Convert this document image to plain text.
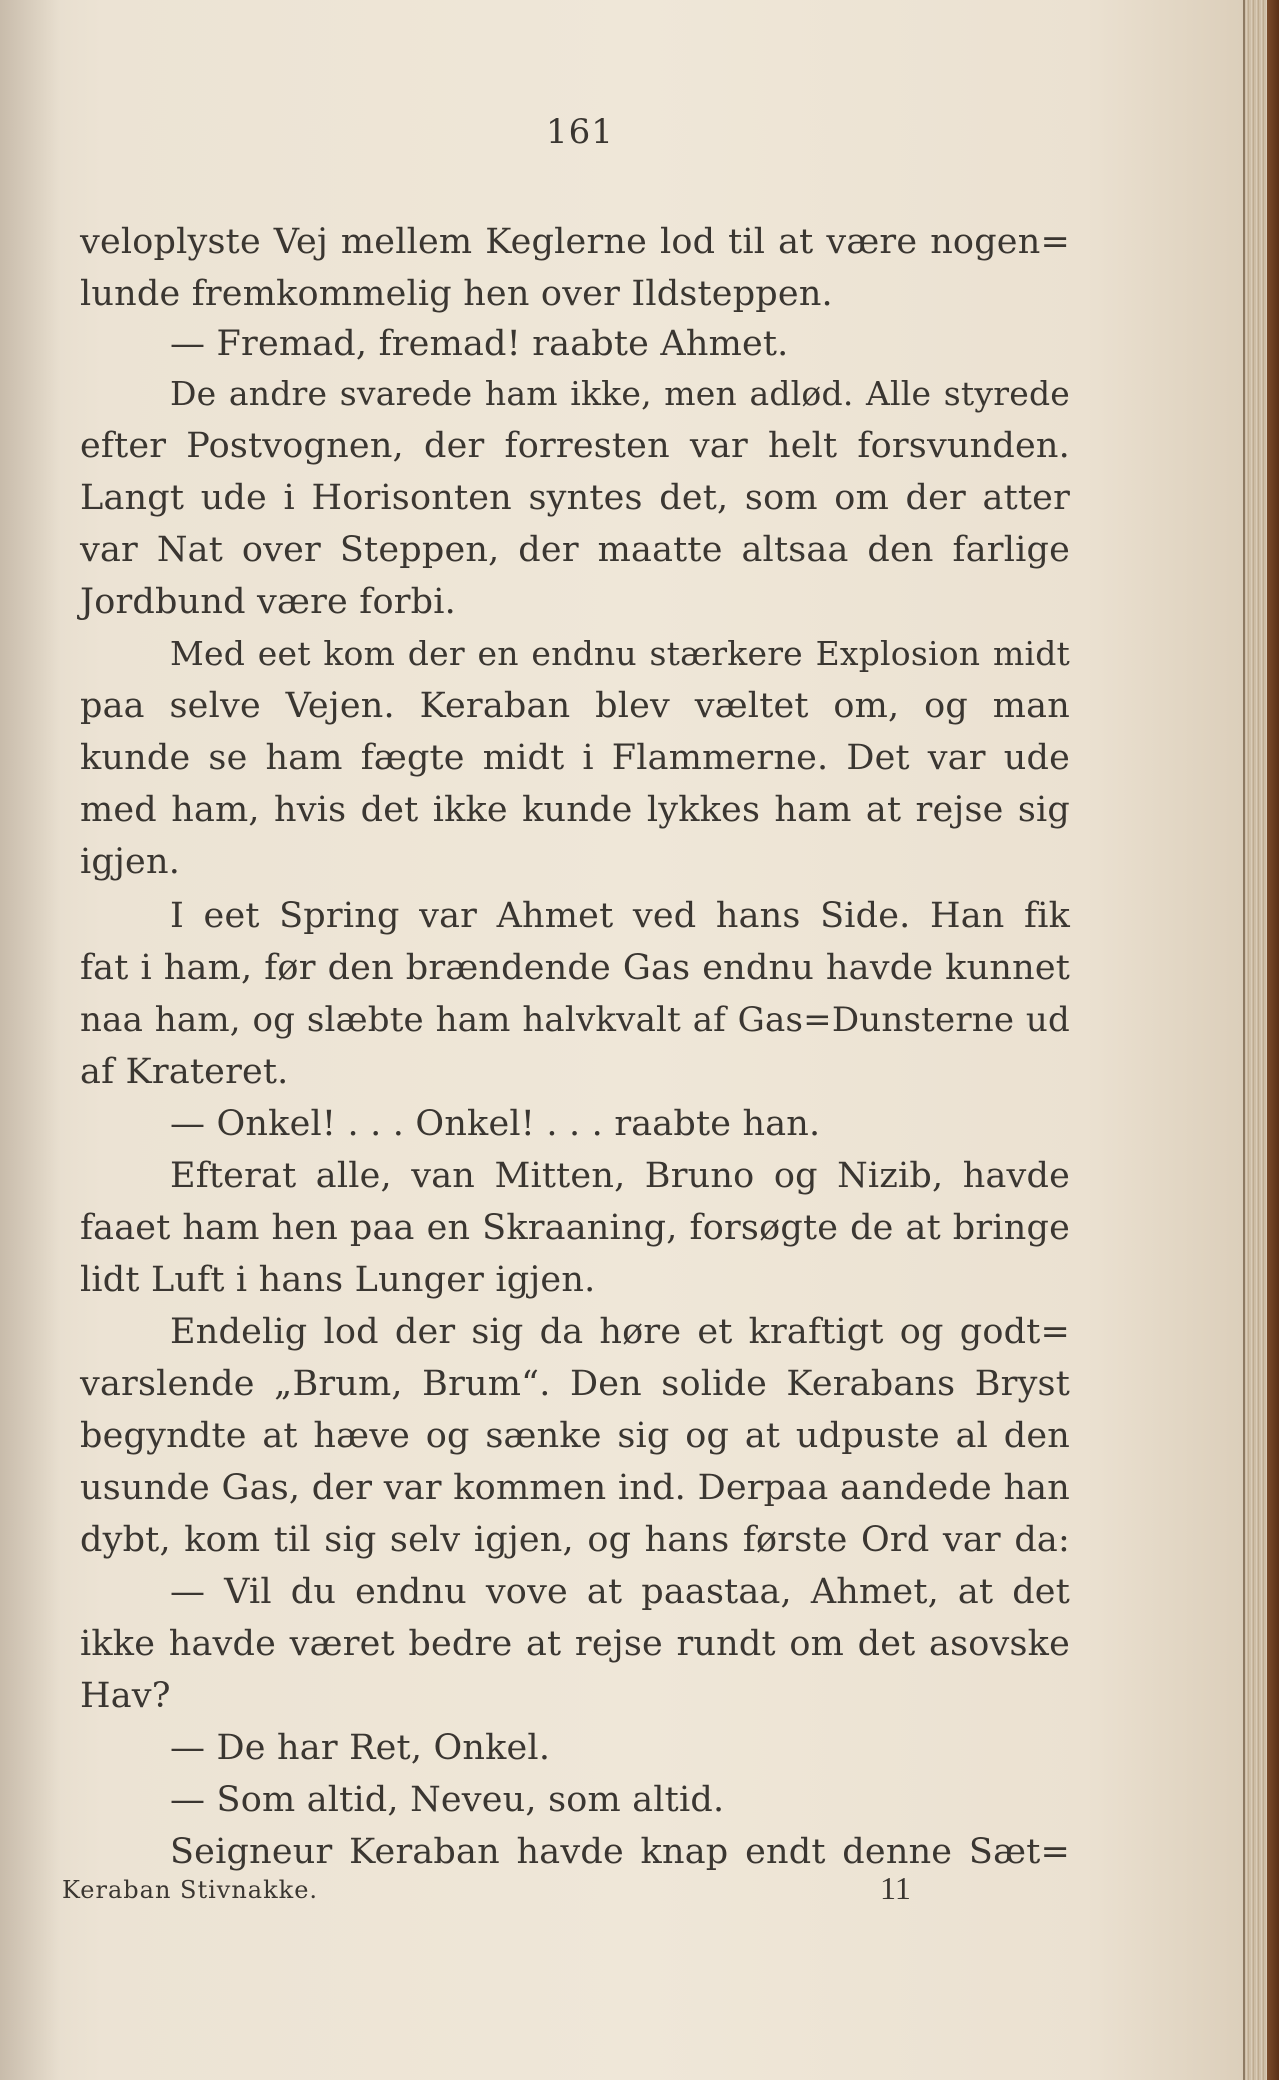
161
veloplyste Vej mellem Keglerne lod til at være nogen=
lunde fremkommelig hen over Ildsteppen.
— Fremad, fremad! raabte Ahmet.
De andre svarede ham ikke, men adlød. Alle styrede
efter Postvognen, der forresten var helt forsvunden.
Langt ude i Horisonten syntes det, som om der atter
var Nat over Steppen, der maatte altsaa den farlige
Jordbund være forbi.
Med eet kom der en endnu stærkere Explosion midt
paa selve Vejen. Keraban blev væltet om, og man
kunde se ham fægte midt i Flammerne. Det var ude
med ham, hvis det ikke kunde lykkes ham at rejse sig
igjen.
I eet Spring var Ahmet ved hans Side. Han fik
fat i ham, før den brændende Gas endnu havde kunnet
naa ham, og slæbte ham halvkvalt af Gas=Dunsterne ud
af Krateret.
— Onkel! . . . Onkel! . . . raabte han.
Efterat alle, van Mitten, Bruno og Nizib, havde
faaet ham hen paa en Skraaning, forsøgte de at bringe
lidt Luft i hans Lunger igjen.
Endelig lod der sig da høre et kraftigt og godt=
varslende „Brum, Brum“. Den solide Kerabans Bryst
begyndte at hæve og sænke sig og at udpuste al den
usunde Gas, der var kommen ind. Derpaa aandede han
dybt, kom til sig selv igjen, og hans første Ord var da:
— Vil du endnu vove at paastaa, Ahmet, at det
ikke havde været bedre at rejse rundt om det asovske
Hav?
— De har Ret, Onkel.
— Som altid, Neveu, som altid.
Seigneur Keraban havde knap endt denne Sæt=
Keraban Stivnakke.	11
